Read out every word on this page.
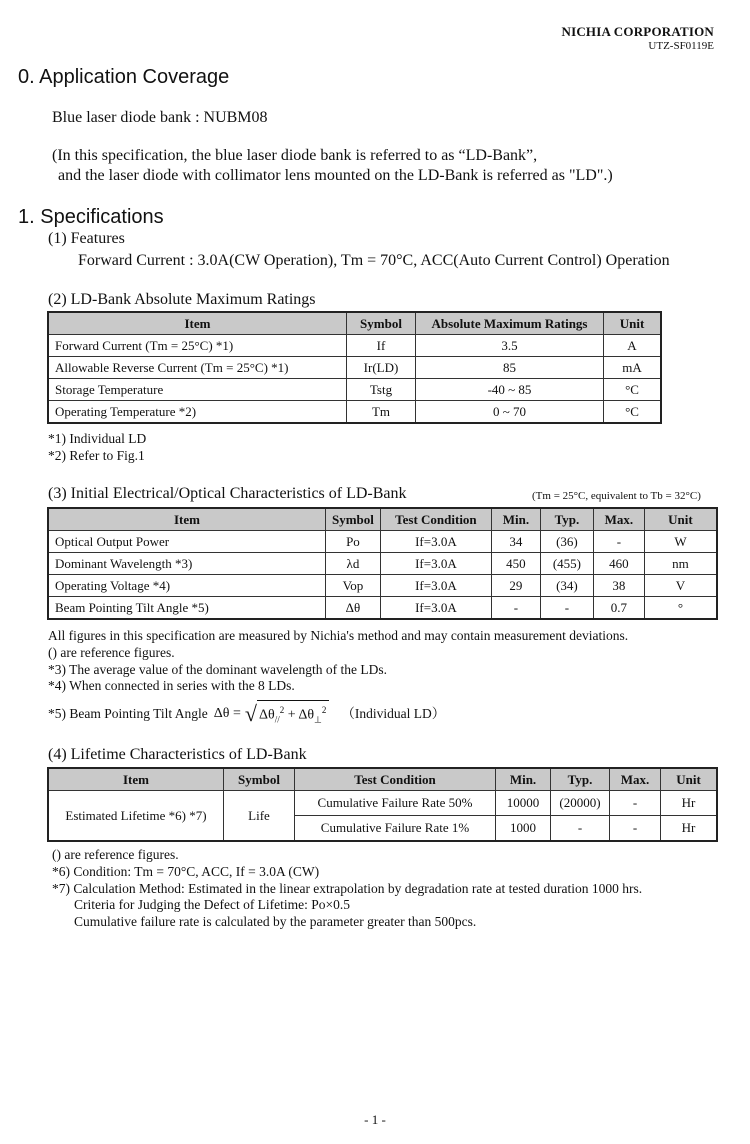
NICHIA CORPORATION
UTZ-SF0119E
0. Application Coverage
Blue laser diode bank : NUBM08
(In this specification, the blue laser diode bank is referred to as “LD-Bank”,
and the laser diode with collimator lens mounted on the LD-Bank is referred as "LD".)
1. Specifications
(1) Features
Forward Current : 3.0A(CW Operation), Tm = 70°C, ACC(Auto Current Control) Operation
(2) LD-Bank Absolute Maximum Ratings
Item	Symbol	Absolute Maximum Ratings	Unit
Forward Current (Tm = 25°C) *1)	If	3.5	A
Allowable Reverse Current (Tm = 25°C) *1)	Ir(LD)	85	mA
Storage Temperature	Tstg	-40 ~ 85	°C
Operating Temperature *2)	Tm	0 ~ 70	°C
*1) Individual LD
*2) Refer to Fig.1
(3) Initial Electrical/Optical Characteristics of LD-Bank	(Tm = 25°C, equivalent to Tb = 32°C)
Item	Symbol	Test Condition	Min.	Typ.	Max.	Unit
Optical Output Power	Po	If=3.0A	34	(36)	-	W
Dominant Wavelength *3)	λd	If=3.0A	450	(455)	460	nm
Operating Voltage *4)	Vop	If=3.0A	29	(34)	38	V
Beam Pointing Tilt Angle *5)	Δθ	If=3.0A	-	-	0.7	°
All figures in this specification are measured by Nichia's method and may contain measurement deviations.
() are reference figures.
*3) The average value of the dominant wavelength of the LDs.
*4) When connected in series with the 8 LDs.
*5) Beam Pointing Tilt Angle Δθ = √ $\Delta\theta_{//}^2 + \Delta\theta_\perp^2$ （Individual LD）
(4) Lifetime Characteristics of LD-Bank
Item	Symbol	Test Condition	Min.	Typ.	Max.	Unit
Estimated Lifetime *6) *7)	Life	Cumulative Failure Rate 50%	10000	(20000)	-	Hr
		Cumulative Failure Rate 1%	1000	-	-	Hr
() are reference figures.
*6) Condition: Tm = 70°C, ACC, If = 3.0A (CW)
*7) Calculation Method: Estimated in the linear extrapolation by degradation rate at tested duration 1000 hrs.
Criteria for Judging the Defect of Lifetime: Po×0.5
Cumulative failure rate is calculated by the parameter greater than 500pcs.
- 1 -
